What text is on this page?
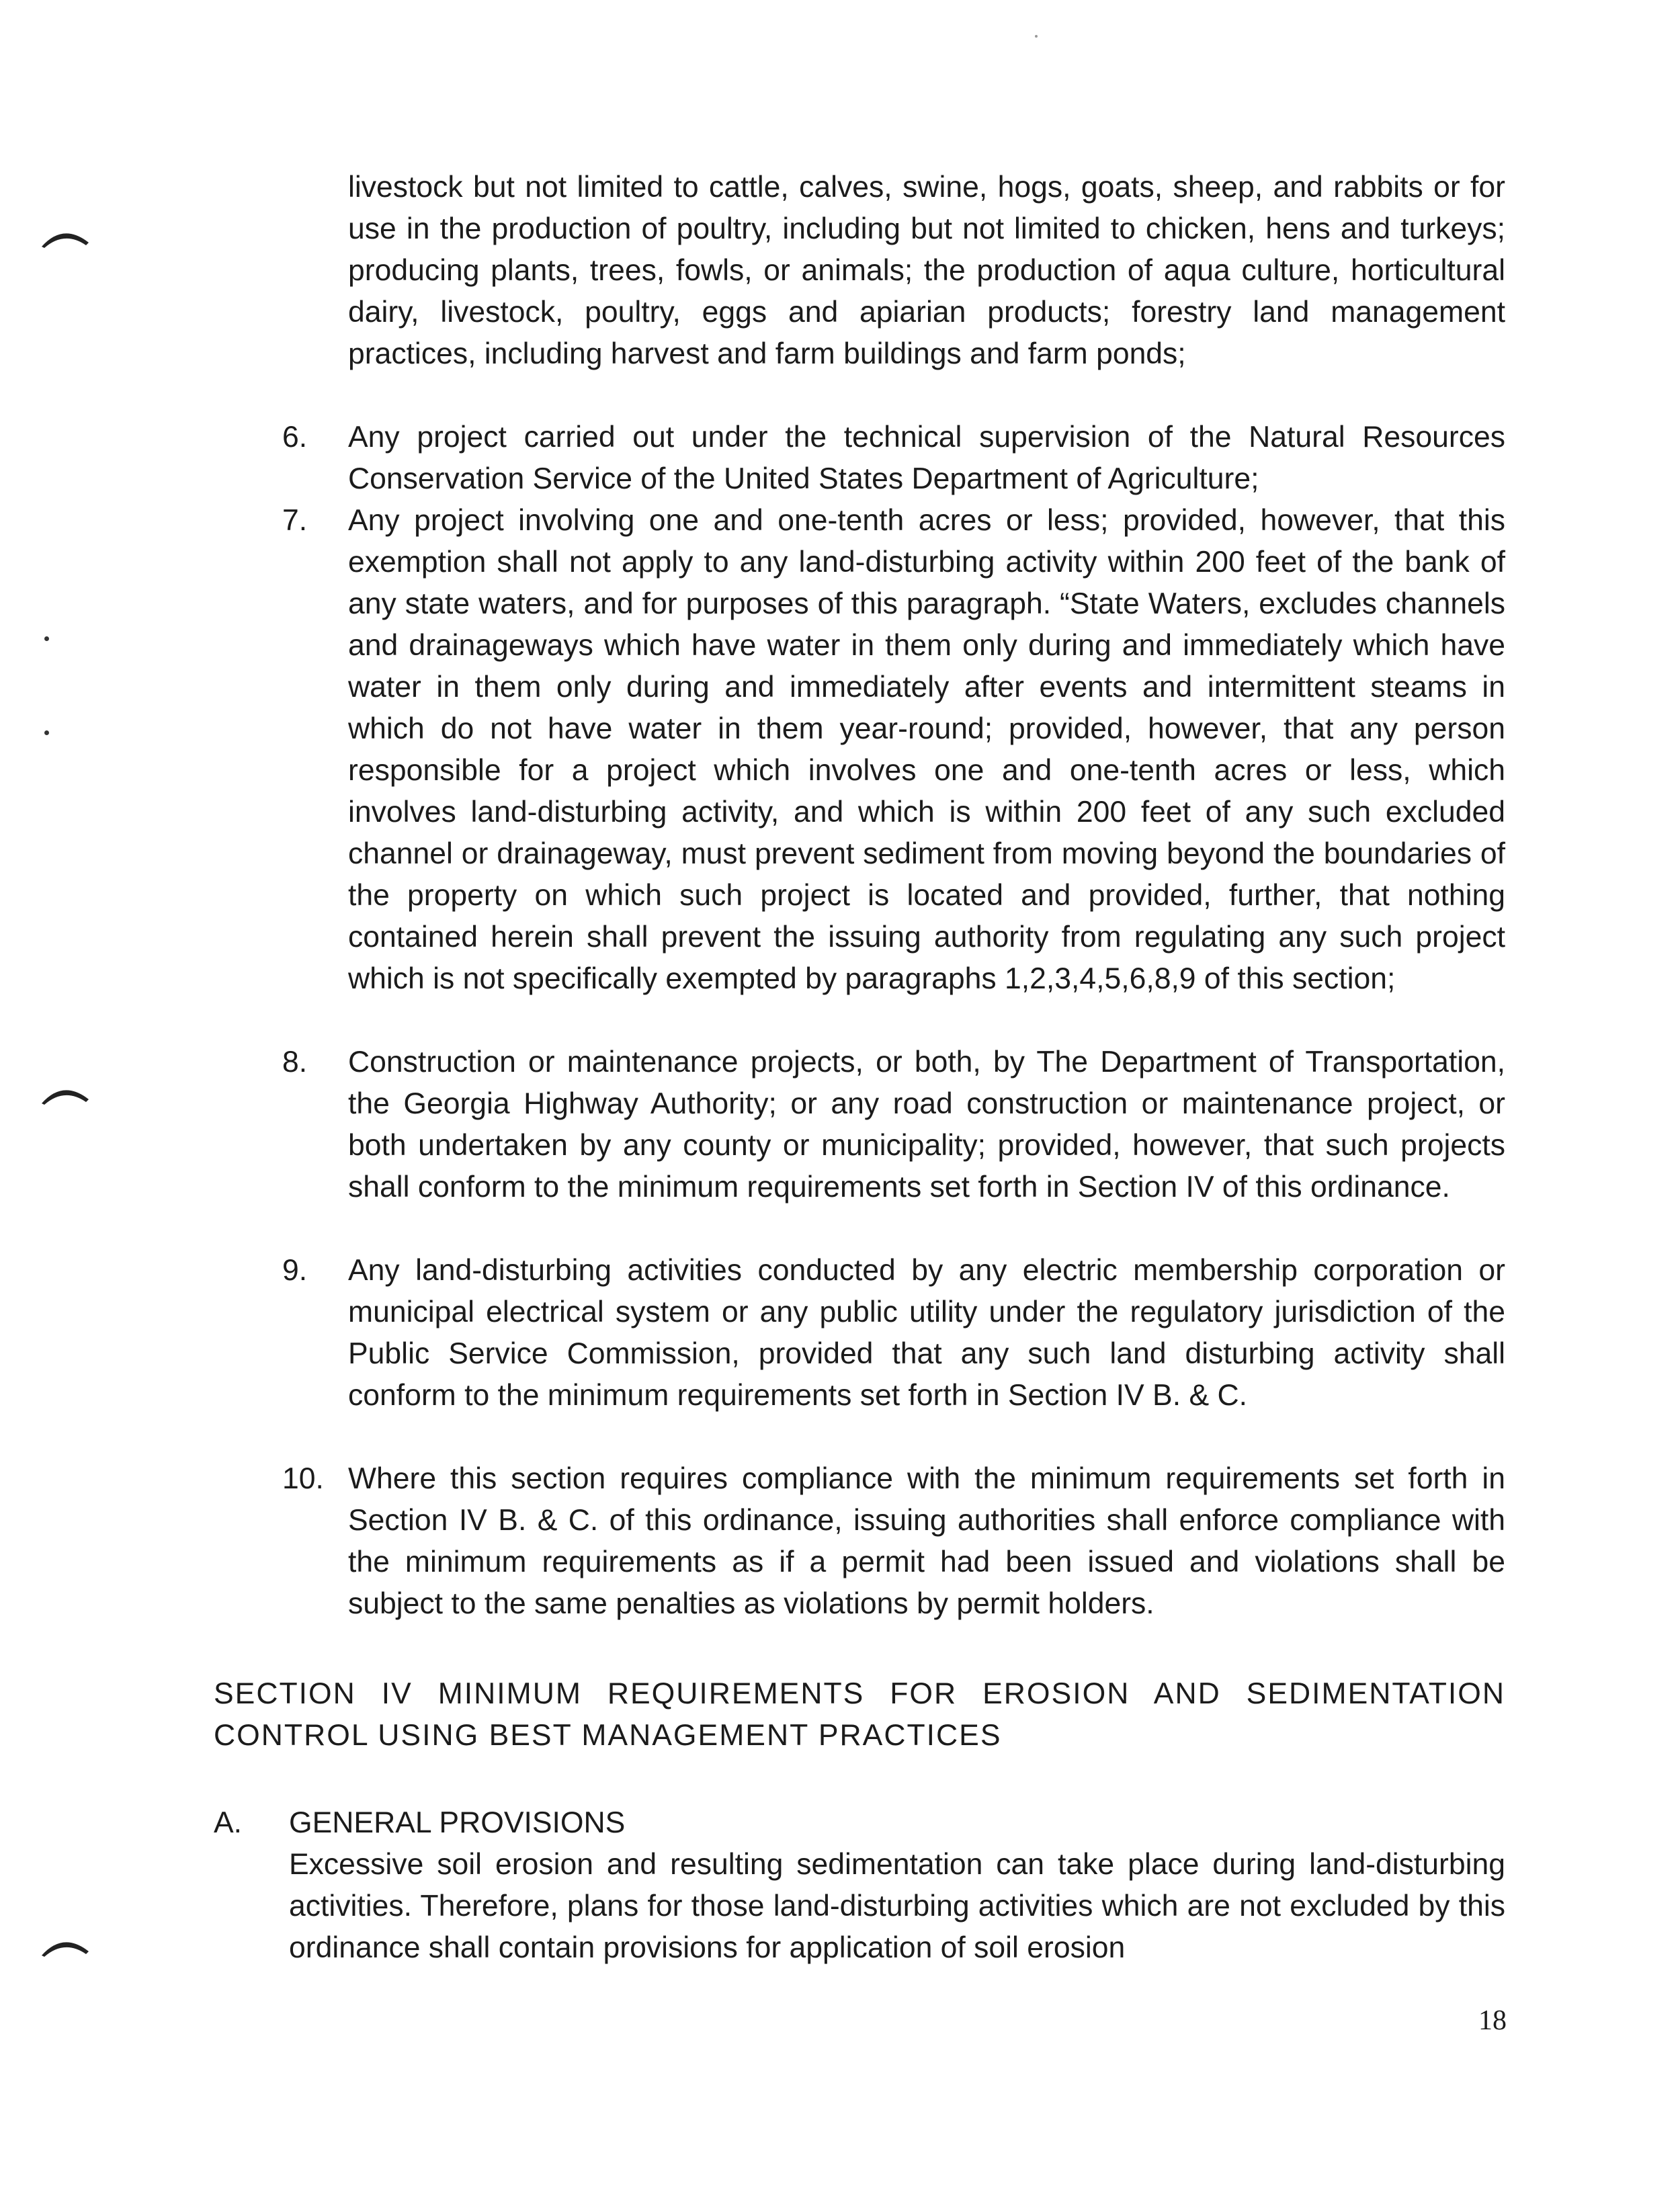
livestock but not limited to cattle, calves, swine, hogs, goats, sheep, and rabbits or for use in the production of poultry, including but not limited to chicken, hens and turkeys; producing plants, trees, fowls, or animals; the production of aqua culture, horticultural dairy, livestock, poultry, eggs and apiarian products; forestry land management practices, including harvest and farm buildings and farm ponds;

6. Any project carried out under the technical supervision of the Natural Resources Conservation Service of the United States Department of Agriculture;

7. Any project involving one and one-tenth acres or less; provided, however, that this exemption shall not apply to any land-disturbing activity within 200 feet of the bank of any state waters, and for purposes of this paragraph. “State Waters, excludes channels and drainageways which have water in them only during and immediately which have water in them only during and immediately after events and intermittent steams in which do not have water in them year-round; provided, however, that any person responsible for a project which involves one and one-tenth acres or less, which involves land-disturbing activity, and which is within 200 feet of any such excluded channel or drainageway, must prevent sediment from moving beyond the boundaries of the property on which such project is located and provided, further, that nothing contained herein shall prevent the issuing authority from regulating any such project which is not specifically exempted by paragraphs 1,2,3,4,5,6,8,9 of this section;

8. Construction or maintenance projects, or both, by The Department of Transportation, the Georgia Highway Authority; or any road construction or maintenance project, or both undertaken by any county or municipality; provided, however, that such projects shall conform to the minimum requirements set forth in Section IV of this ordinance.

9. Any land-disturbing activities conducted by any electric membership corporation or municipal electrical system or any public utility under the regulatory jurisdiction of the Public Service Commission, provided that any such land disturbing activity shall conform to the minimum requirements set forth in Section IV B. & C.

10. Where this section requires compliance with the minimum requirements set forth in Section IV B. & C. of this ordinance, issuing authorities shall enforce compliance with the minimum requirements as if a permit had been issued and violations shall be subject to the same penalties as violations by permit holders.

SECTION IV MINIMUM REQUIREMENTS FOR EROSION AND SEDIMENTATION CONTROL USING BEST MANAGEMENT PRACTICES

A. GENERAL PROVISIONS

Excessive soil erosion and resulting sedimentation can take place during land-disturbing activities. Therefore, plans for those land-disturbing activities which are not excluded by this ordinance shall contain provisions for application of soil erosion

18
